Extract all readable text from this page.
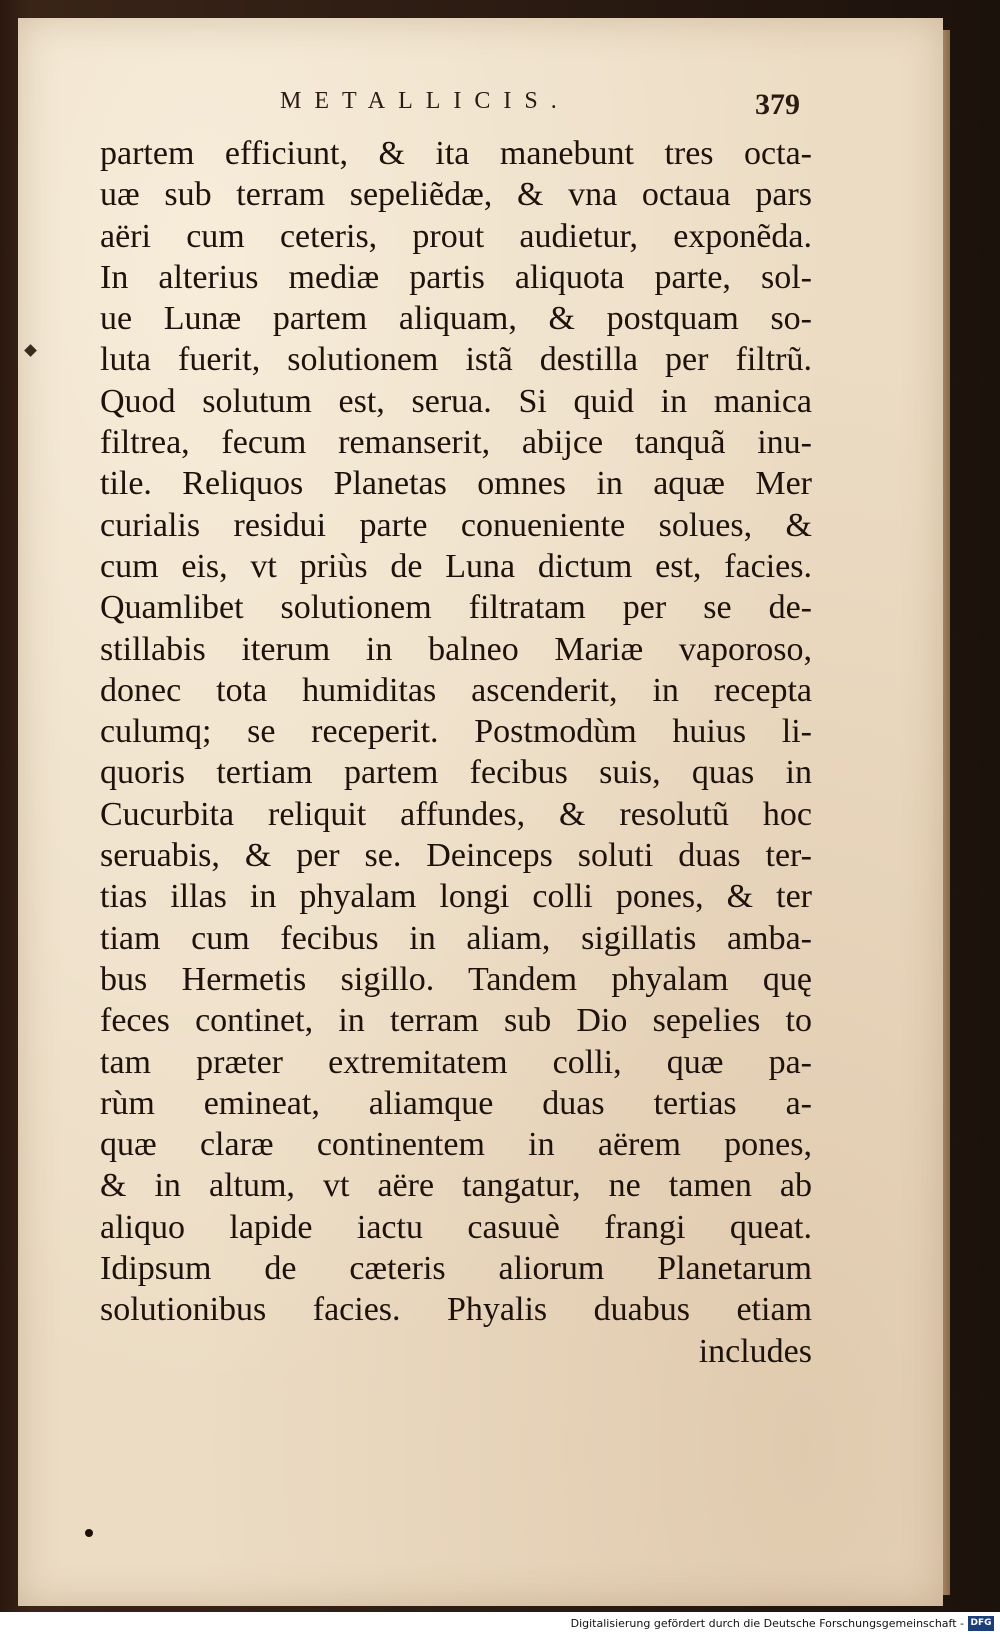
METALLICIS.	379
partem efficiunt, & ita manebunt tres octa-
uæ sub terram sepeliẽdæ, & vna octaua pars
aëri cum ceteris, prout audietur, exponẽda.
In alterius mediæ partis aliquota parte, sol-
ue Lunæ partem aliquam, & postquam so-
luta fuerit, solutionem istã destilla per filtrũ.
Quod solutum est, serua. Si quid in manica
filtrea, fecum remanserit, abijce tanquã inu-
tile. Reliquos Planetas omnes in aquæ Mer
curialis residui parte conueniente solues, &
cum eis, vt priùs de Luna dictum est, facies.
Quamlibet solutionem filtratam per se de-
stillabis iterum in balneo Mariæ vaporoso,
donec tota humiditas ascenderit, in recepta
culumq; se receperit. Postmodùm huius li-
quoris tertiam partem fecibus suis, quas in
Cucurbita reliquit affundes, & resolutũ hoc
seruabis, & per se. Deinceps soluti duas ter-
tias illas in phyalam longi colli pones, & ter
tiam cum fecibus in aliam, sigillatis amba-
bus Hermetis sigillo. Tandem phyalam quę
feces continet, in terram sub Dio sepelies to
tam præter extremitatem colli, quæ pa-
rùm emineat, aliamque duas tertias a-
quæ claræ continentem in aërem pones,
& in altum, vt aëre tangatur, ne tamen ab
aliquo lapide iactu casuuè frangi queat.
Idipsum de cæteris aliorum Planetarum
solutionibus facies. Phyalis duabus etiam
includes
Digitalisierung gefördert durch die Deutsche Forschungsgemeinschaft - DFG
